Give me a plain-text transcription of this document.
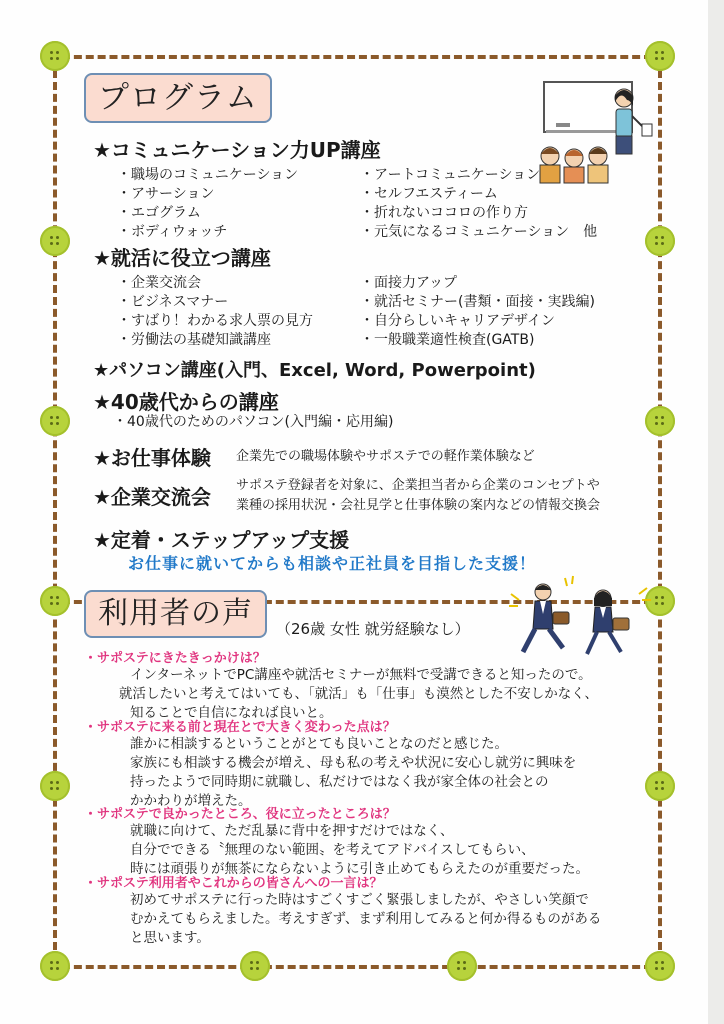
プログラム
★コミュニケーション力UP講座
・職場のコミュニケーション
・アサーション
・エゴグラム
・ボディウォッチ
・アートコミュニケーション
・セルフエスティーム
・折れないココロの作り方
・元気になるコミュニケーション　他
★就活に役立つ講座
・企業交流会
・ビジネスマナー
・すばり！わかる求人票の見方
・労働法の基礎知識講座
・面接力アップ
・就活セミナー(書類・面接・実践編)
・自分らしいキャリアデザイン
・一般職業適性検査(GATB)
★パソコン講座(入門、Excel, Word, Powerpoint)
★40歳代からの講座
・40歳代のためのパソコン(入門編・応用編)
★お仕事体験 企業先での職場体験やサポステでの軽作業体験など
★企業交流会 サポステ登録者を対象に、企業担当者から企業のコンセプトや
業種の採用状況・会社見学と仕事体験の案内などの情報交換会
★定着・ステップアップ支援
お仕事に就いてからも相談や正社員を目指した支援！
利用者の声	（26歳 女性 就労経験なし）
・サポステにきたきっかけは？
インターネットでPC講座や就活セミナーが無料で受講できると知ったので。
就活したいと考えてはいても、「就活」も「仕事」も漠然とした不安しかなく、
知ることで自信になれば良いと。
・サポステに来る前と現在とで大きく変わった点は？
誰かに相談するということがとても良いことなのだと感じた。
家族にも相談する機会が増え、母も私の考えや状況に安心し就労に興味を
持ったようで同時期に就職し、私だけではなく我が家全体の社会との
かかわりが増えた。
・サポステで良かったところ、役に立ったところは？
就職に向けて、ただ乱暴に背中を押すだけではなく、
自分でできる〝無理のない範囲〟を考えてアドバイスしてもらい、
時には頑張りが無茶にならないように引き止めてもらえたのが重要だった。
・サポステ利用者やこれからの皆さんへの一言は？
初めてサポステに行った時はすごくすごく緊張しましたが、やさしい笑顔で
むかえてもらえました。考えすぎず、まず利用してみると何か得るものがある
と思います。
